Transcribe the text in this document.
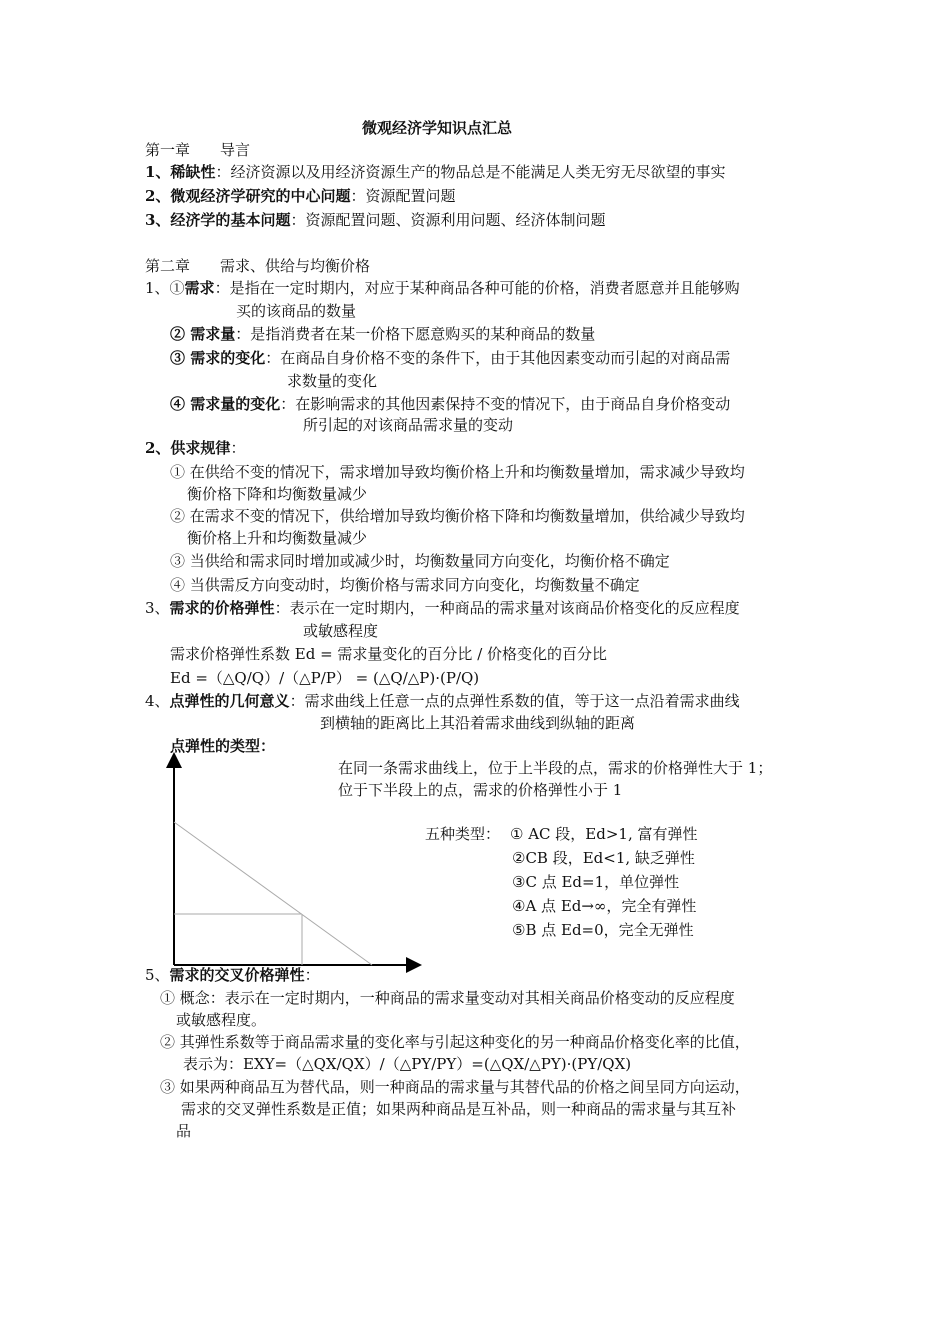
微观经济学知识点汇总
第一章　　导言
1、稀缺性：经济资源以及用经济资源生产的物品总是不能满足人类无穷无尽欲望的事实
2、微观经济学研究的中心问题：资源配置问题
3、经济学的基本问题：资源配置问题、资源利用问题、经济体制问题
第二章　　需求、供给与均衡价格
1、①需求：是指在一定时期内，对应于某种商品各种可能的价格，消费者愿意并且能够购
买的该商品的数量
② 需求量：是指消费者在某一价格下愿意购买的某种商品的数量
③ 需求的变化：在商品自身价格不变的条件下，由于其他因素变动而引起的对商品需
求数量的变化
④ 需求量的变化：在影响需求的其他因素保持不变的情况下，由于商品自身价格变动
所引起的对该商品需求量的变动
2、供求规律：
① 在供给不变的情况下，需求增加导致均衡价格上升和均衡数量增加，需求减少导致均
衡价格下降和均衡数量减少
② 在需求不变的情况下，供给增加导致均衡价格下降和均衡数量增加，供给减少导致均
衡价格上升和均衡数量减少
③ 当供给和需求同时增加或减少时，均衡数量同方向变化，均衡价格不确定
④ 当供需反方向变动时，均衡价格与需求同方向变化，均衡数量不确定
3、需求的价格弹性：表示在一定时期内，一种商品的需求量对该商品价格变化的反应程度
或敏感程度
需求价格弹性系数 Ed = 需求量变化的百分比 / 价格变化的百分比
Ed =（△Q/Q）/（△P/P） = (△Q/△P)·(P/Q)
4、点弹性的几何意义：需求曲线上任意一点的点弹性系数的值，等于这一点沿着需求曲线
到横轴的距离比上其沿着需求曲线到纵轴的距离
点弹性的类型：
在同一条需求曲线上，位于上半段的点，需求的价格弹性大于 1；
位于下半段上的点，需求的价格弹性小于 1
五种类型： ① AC 段，Ed>1, 富有弹性
②CB 段，Ed<1, 缺乏弹性
③C 点 Ed=1，单位弹性
④A 点 Ed→∞，完全有弹性
⑤B 点 Ed=0，完全无弹性
5、需求的交叉价格弹性：
① 概念：表示在一定时期内，一种商品的需求量变动对其相关商品价格变动的反应程度
或敏感程度。
② 其弹性系数等于商品需求量的变化率与引起这种变化的另一种商品价格变化率的比值，
表示为：EXY=（△QX/QX）/（△PY/PY）=(△QX/△PY)·(PY/QX)
③ 如果两种商品互为替代品，则一种商品的需求量与其替代品的价格之间呈同方向运动，
需求的交叉弹性系数是正值；如果两种商品是互补品，则一种商品的需求量与其互补
品
